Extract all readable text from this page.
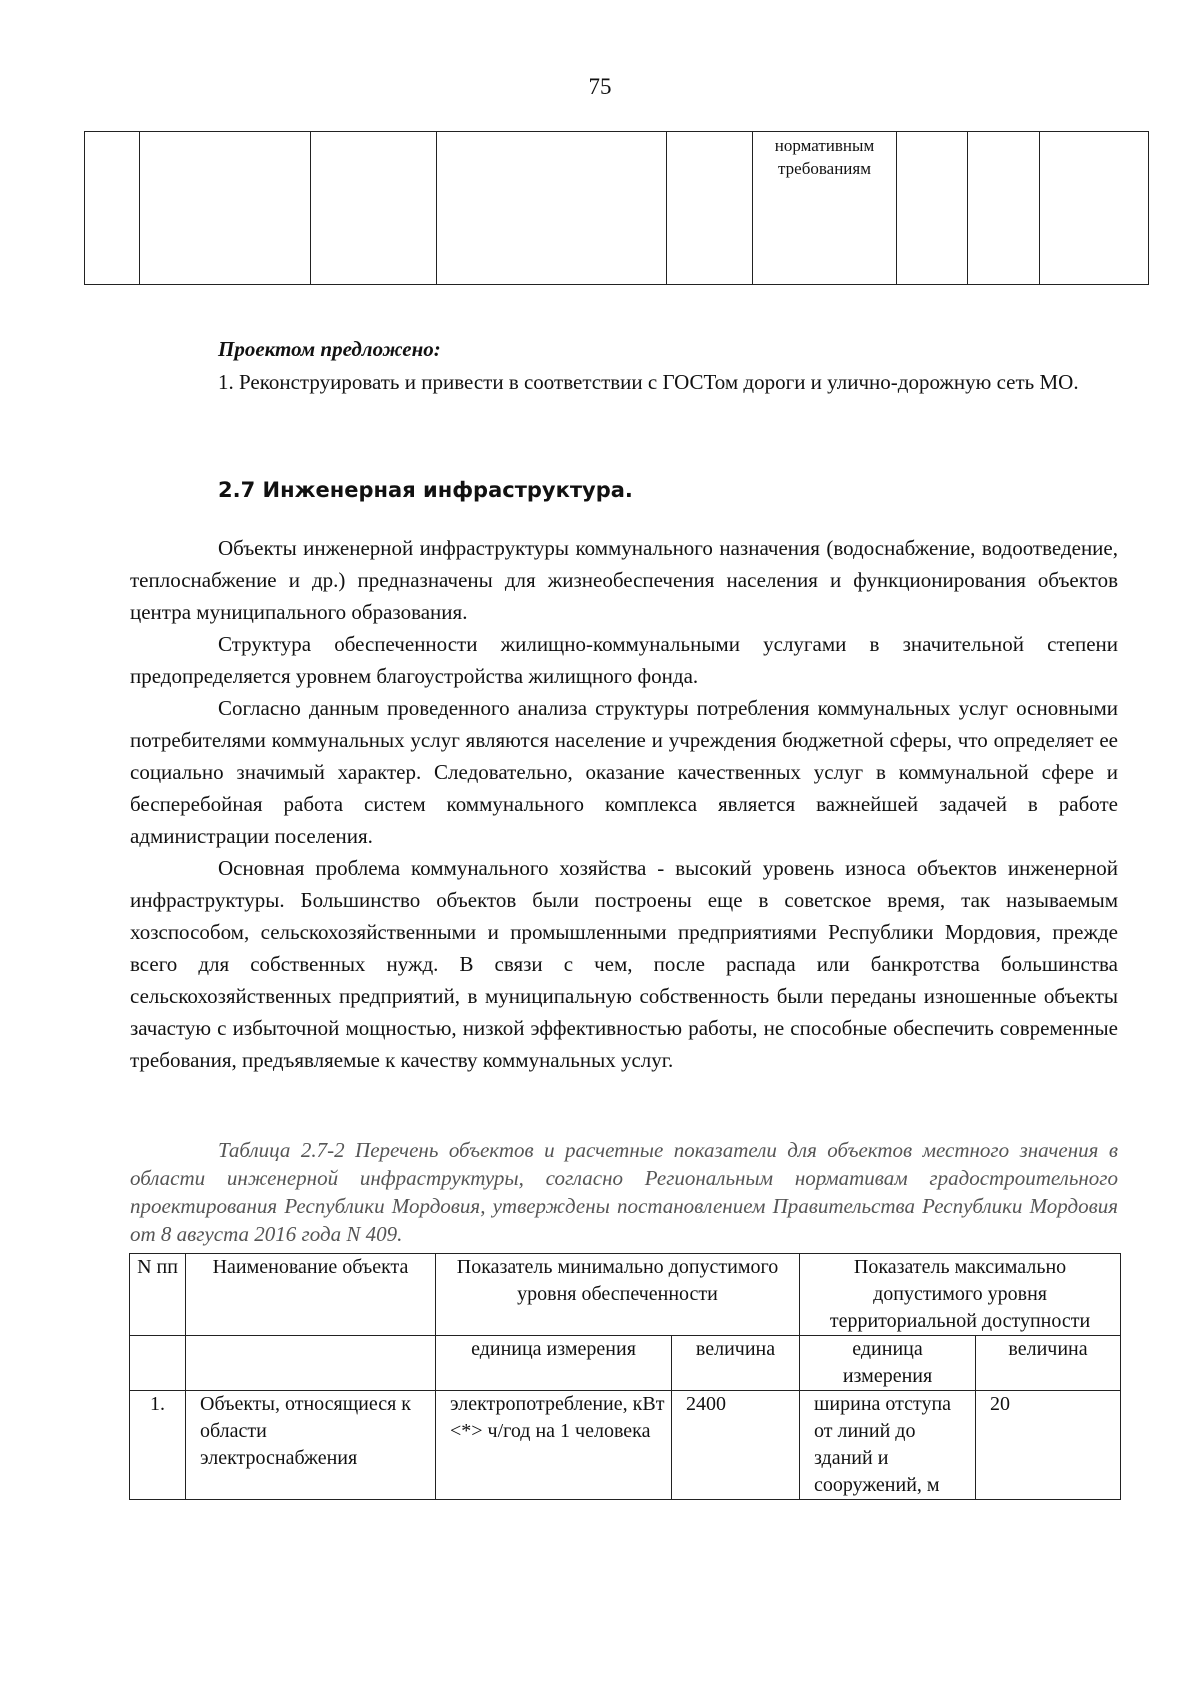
75
					нормативным требованиям			
Проектом предложено:

1. Реконструировать и привести в соответствии с ГОСТом дороги и улично-дорожную сеть МО.

2.7 Инженерная инфраструктура.

Объекты инженерной инфраструктуры коммунального назначения (водоснабжение, водоотведение, теплоснабжение и др.) предназначены для жизнеобеспечения населения и функционирования объектов центра муниципального образования.

Структура обеспеченности жилищно-коммунальными услугами в значительной степени предопределяется уровнем благоустройства жилищного фонда.

Согласно данным проведенного анализа структуры потребления коммунальных услуг основными потребителями коммунальных услуг являются население и учреждения бюджетной сферы, что определяет ее социально значимый характер. Следовательно, оказание качественных услуг в коммунальной сфере и бесперебойная работа систем коммунального комплекса является важнейшей задачей в работе администрации поселения.

Основная проблема коммунального хозяйства - высокий уровень износа объектов инженерной инфраструктуры. Большинство объектов были построены еще в советское время, так называемым хозспособом, сельскохозяйственными и промышленными предприятиями Республики Мордовия, прежде всего для собственных нужд. В связи с чем, после распада или банкротства большинства сельскохозяйственных предприятий, в муниципальную собственность были переданы изношенные объекты зачастую с избыточной мощностью, низкой эффективностью работы, не способные обеспечить современные требования, предъявляемые к качеству коммунальных услуг.

Таблица 2.7-2 Перечень объектов и расчетные показатели для объектов местного значения в области инженерной инфраструктуры, согласно Региональным нормативам градостроительного проектирования Республики Мордовия, утверждены постановлением Правительства Республики Мордовия от 8 августа 2016 года N 409.
N пп	Наименование объекта	Показатель минимально допустимого уровня обеспеченности		Показатель максимально допустимого уровня территориальной доступности	
		единица измерения	величина	единица измерения	величина
1.	Объекты, относящиеся к области электроснабжения	электропотребление, кВт <*> ч/год на 1 человека	2400	ширина отступа от линий до зданий и сооружений, м	20
